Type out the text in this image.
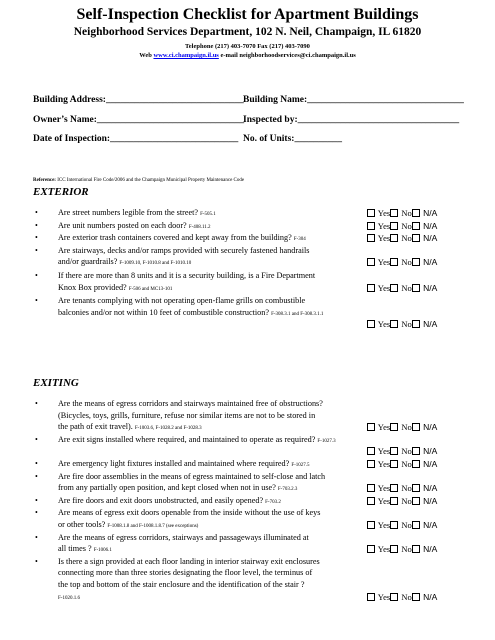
Self-Inspection Checklist for Apartment Buildings
Neighborhood Services Department, 102 N. Neil, Champaign, IL 61820
Telephone (217) 403-7070 Fax (217) 403-7090
Web www.ci.champaign.il.us e-mail neighborhoodservices@ci.champaign.il.us
Building Address:_____________________________ Building Name:_________________________________
Owner’s Name:_______________________________
Inspected by:__________________________________
Date of Inspection:___________________________ No. of Units:__________
Reference: ICC International Fire Code/2006 and the Champaign Municipal Property Maintenance Code
EXTERIOR
• Are street numbers legible from the street? F-505.1	Yes No N/A
• Are unit numbers posted on each door? F-408.11.2	Yes No N/A
• Are exterior trash containers covered and kept away from the building? F-304	Yes No N/A
• Are stairways, decks and/or ramps provided with securely fastened handrails
and/or guardrails? F-1009.10, F-1010.8 and F-1010.10	Yes No N/A
• If there are more than 8 units and it is a security building, is a Fire Department
Knox Box provided? F-506 and MC13-101	Yes No N/A
• Are tenants complying with not operating open-flame grills on combustible
balconies and/or not within 10 feet of combustible construction? F-308.3.1 and F-308.3.1.1
Yes No N/A
EXITING
• Are the means of egress corridors and stairways maintained free of obstructions?
(Bicycles, toys, grills, furniture, refuse nor similar items are not to be stored in
the path of exit travel). F-1003.6, F-1028.2 and F-1028.3	Yes No N/A
• Are exit signs installed where required, and maintained to operate as required? F-1027.3
Yes No N/A
• Are emergency light fixtures installed and maintained where required? F-1027.5	Yes No N/A
• Are fire door assemblies in the means of egress maintained to self-close and latch
from any partially open position, and kept closed when not in use? F-703.2.3	Yes No N/A
• Are fire doors and exit doors unobstructed, and easily opened? F-703.2	Yes No N/A
• Are means of egress exit doors openable from the inside without the use of keys
or other tools? F-1008.1.8 and F-1008.1.8.7 (see exceptions)	Yes No N/A
• Are the means of egress corridors, stairways and passageways illuminated at
all times ? F-1006.1	Yes No N/A
• Is there a sign provided at each floor landing in interior stairway exit enclosures
connecting more than three stories designating the floor level, the terminus of
the top and bottom of the stair enclosure and the identification of the stair ?
F-1020.1.6	Yes No N/A
